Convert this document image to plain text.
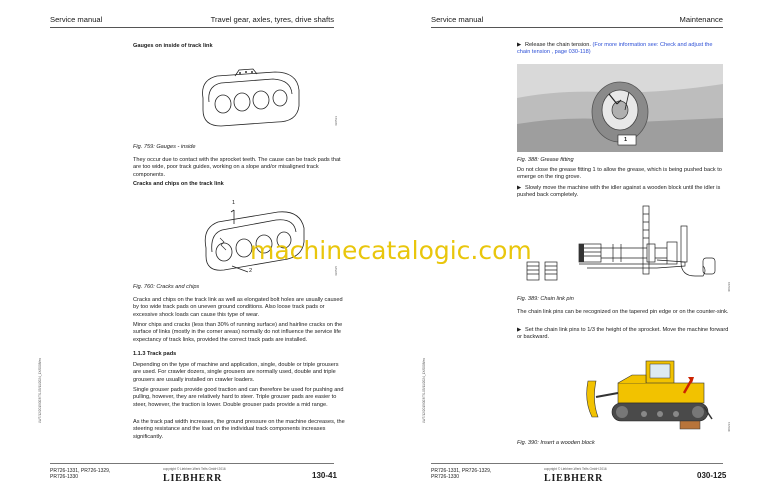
Service manual	Travel gear, axles, tyres, drive shafts
Gauges on inside of track link
430533
Fig. 759: Gauges - inside
They occur due to contact with the sprocket teeth. The cause can be track pads that are too wide, poor track guides, working on a slope and/or misaligned track components.
Cracks and chips on the track link
1
2	430535
Fig. 760: Cracks and chips
Cracks and chips on the track link as well as elongated bolt holes are usually caused by too wide track pads on uneven ground conditions. Also loose track pads or excessive shock loads can cause this type of wear.
Minor chips and cracks (less than 30% of running surface) and hairline cracks on the surface of links (mostly in the corner areas) normally do not influence the service life expectancy of track links, provided the correct track pads are installed.
1.1.3 Track pads
Depending on the type of machine and application, single, double or triple grousers are used. For crawler dozers, single grousers are normally used, double and triple grousers are usually installed on crawler loaders.
Single grouser pads provide good traction and can therefore be used for pushing and pulling, however, they are relatively hard to steer. Triple grouser pads are easier to steer, however, the traction is lower. Double grouser pads provide a mid range.
As the track pad width increases, the ground pressure on the machine decreases, the steering resistance and the load on the individual track components increases significantly.
LWT/12/2015/003/TS-05/11/2024_1X/0008/en
PR726-1331, PR726-1329,
PR726-1330
copyright © Liebherr-Werk Telfs GmbH 2016
LIEBHERR	130-41
Service manual	Maintenance
▶ Release the chain tension. (For more information see: Check and adjust the chain tension , page 030-118)
1
Fig. 388: Grease fitting
Do not close the grease fitting 1 to allow the grease, which is being pushed back to emerge on the ring grove.
▶ Slowly move the machine with the idler against a wooden block until the idler is pushed back completely.
400229
Fig. 389: Chain link pin
The chain link pins can be recognized on the tapered pin edge or on the counter-sink.
▶ Set the chain link pins to 1/3 the height of the sprocket. Move the machine forward or backward.
400233
Fig. 390: Insert a wooden block
LWT/12/2015/003/TS-05/11/2024_1X/0008/en
PR726-1331, PR726-1329,
PR726-1330
copyright © Liebherr-Werk Telfs GmbH 2016
LIEBHERR	030-125
machinecatalogic.com
